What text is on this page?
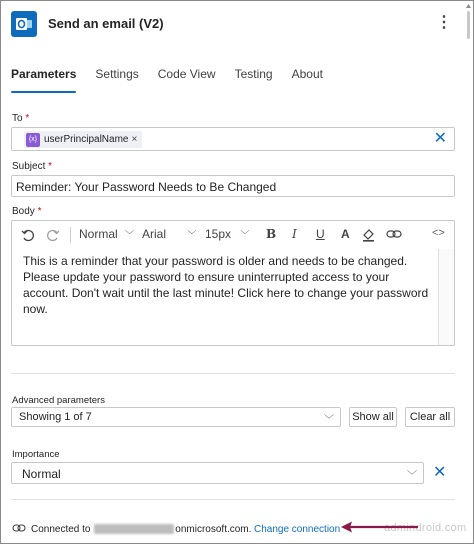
Send an email (V2)	⋮
Parameters Settings Code View Testing About
To *
{x} userPrincipalName ×	✕
Subject *
Reminder: Your Password Needs to Be Changed
Body *
Normal ﹀ Arial ﹀ 15px ﹀ B I U A	<>
This is a reminder that your password is older and needs to be changed. Please update your password to ensure uninterrupted access to your account. Don't wait until the last minute! Click here to change your password now.
Advanced parameters
Showing 1 of 7	﹀ Show all	Clear all
Importance
Normal	﹀ ✕
Connected to	onmicrosoft.com. Change connection	admindroid.com
